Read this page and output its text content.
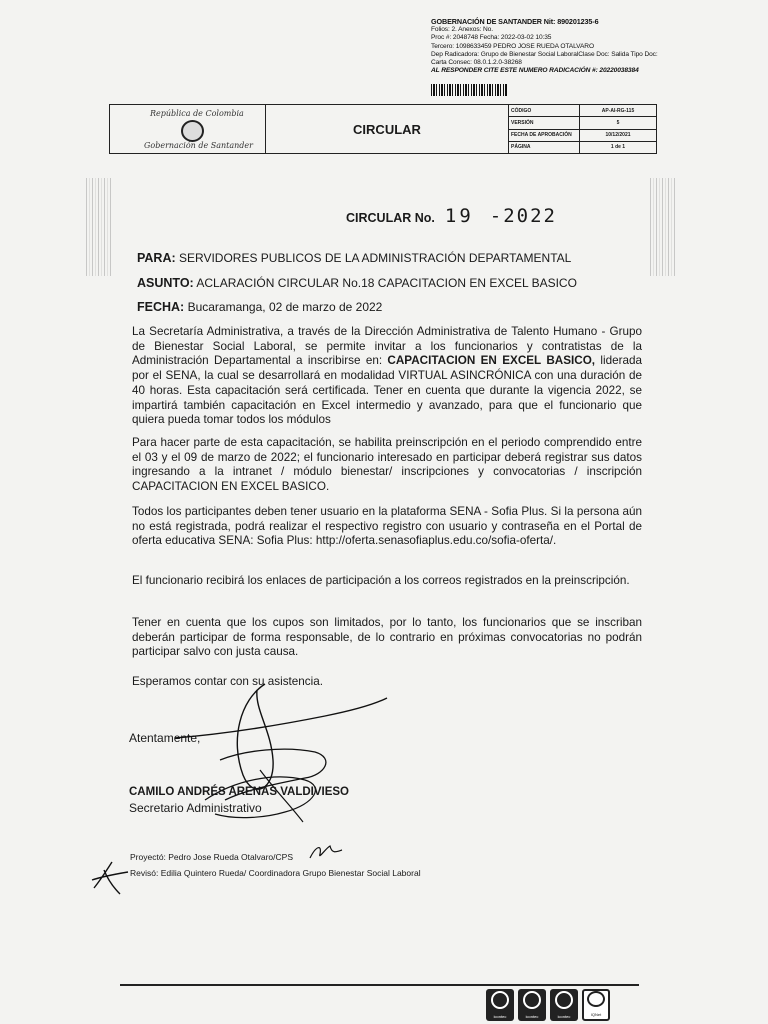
GOBERNACIÓN DE SANTANDER Nit: 890201235-6
Folios: 2. Anexos: No.
Proc #: 2048748 Fecha: 2022-03-02 10:35
Tercero: 1098633459 PEDRO JOSE RUEDA OTALVARO
Dep Radicadora: Grupo de Bienestar Social LaboralClase Doc: Salida Tipo Doc:
Carta Consec: 08.0.1.2.0-38268
AL RESPONDER CITE ESTE NUMERO RADICACIÓN #: 20220038384
República de Colombia
Gobernación de Santander
CIRCULAR
CÓDIGO	AP-AI-RG-115
VERSIÓN	5
FECHA DE APROBACIÓN	10/12/2021
PÁGINA	1 de 1
CIRCULAR No. 19 -2022
PARA: SERVIDORES PUBLICOS DE LA ADMINISTRACIÓN DEPARTAMENTAL
ASUNTO: ACLARACIÓN CIRCULAR No.18 CAPACITACION EN EXCEL BASICO
FECHA: Bucaramanga, 02 de marzo de 2022
La Secretaría Administrativa, a través de la Dirección Administrativa de Talento Humano - Grupo de Bienestar Social Laboral, se permite invitar a los funcionarios y contratistas de la Administración Departamental a inscribirse en: CAPACITACION EN EXCEL BASICO, liderada por el SENA, la cual se desarrollará en modalidad VIRTUAL ASINCRÓNICA con una duración de 40 horas. Esta capacitación será certificada. Tener en cuenta que durante la vigencia 2022, se impartirá también capacitación en Excel intermedio y avanzado, para que el funcionario que quiera pueda tomar todos los módulos
Para hacer parte de esta capacitación, se habilita preinscripción en el periodo comprendido entre el 03 y el 09 de marzo de 2022; el funcionario interesado en participar deberá registrar sus datos ingresando a la intranet / módulo bienestar/ inscripciones y convocatorias / inscripción CAPACITACION EN EXCEL BASICO.
Todos los participantes deben tener usuario en la plataforma SENA - Sofia Plus. Si la persona aún no está registrada, podrá realizar el respectivo registro con usuario y contraseña en el Portal de oferta educativa SENA: Sofia Plus: http://oferta.senasofiaplus.edu.co/sofia-oferta/.
El funcionario recibirá los enlaces de participación a los correos registrados en la preinscripción.
Tener en cuenta que los cupos son limitados, por lo tanto, los funcionarios que se inscriban deberán participar de forma responsable, de lo contrario en próximas convocatorias no podrán participar salvo con justa causa.
Esperamos contar con su asistencia.
Atentamente,
CAMILO ANDRÉS ARENAS VALDIVIESO
Secretario Administrativo
Proyectó: Pedro Jose Rueda Otalvaro/CPS
Revisó: Edilia Quintero Rueda/ Coordinadora Grupo Bienestar Social Laboral
icontec	icontec	icontec	IQNet
